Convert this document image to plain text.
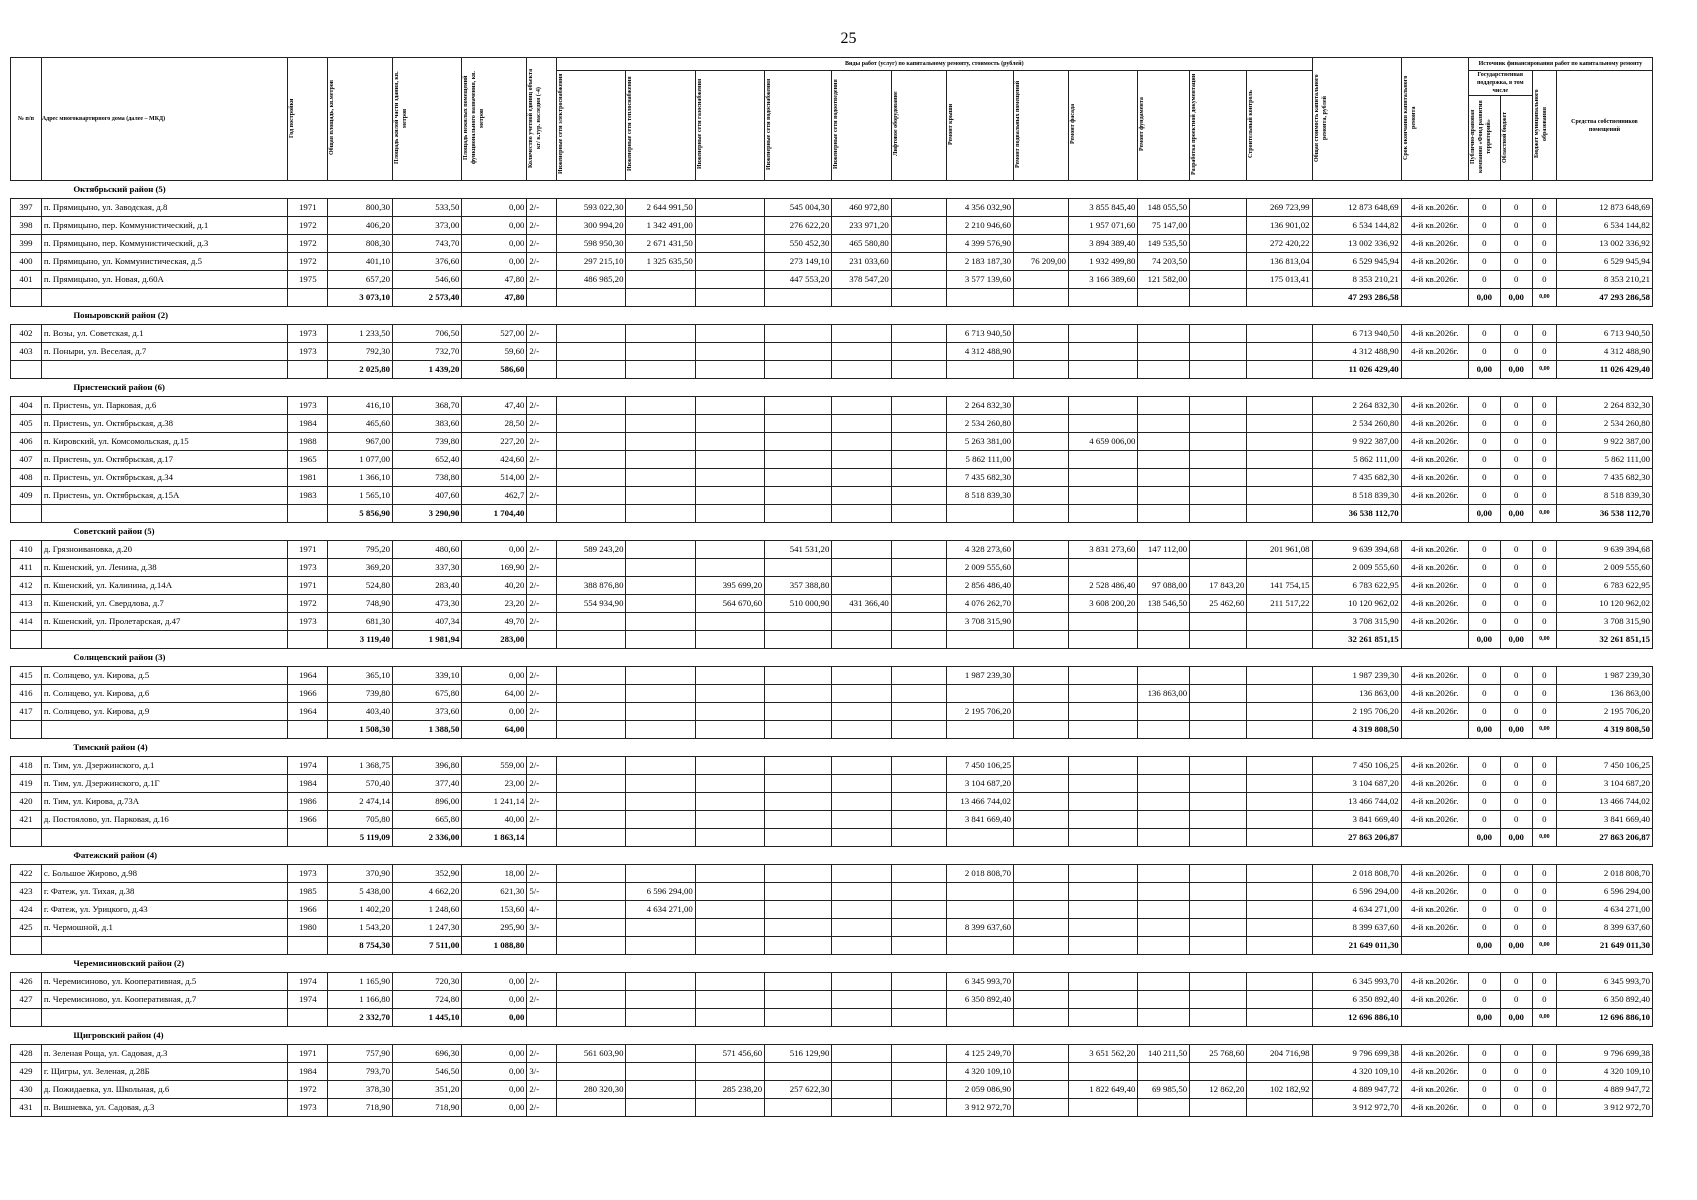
25
№ п/п	Адрес многоквартирного дома (далее – МКД)	Год постройки	Общая площадь, кв.метров	Площадь жилой части здания, кв. метров	Площадь нежилых помещений функционального назначения, кв. метров	Количество учетной единиц объекта кг/ к.тур. наследия (-4)	Виды работ (услуг) по капитальному ремонту, стоимость (рублей)												Общая стоимость капитального ремонта, рублей	Срок окончания капитального ремонта	Источник финансирования работ по капитальному ремонту			
							Инженерные сети электроснабжения	Инженерные сети теплоснабжения	Инженерные сети газоснабжения	Инженерные сети водоснабжения	Инженерные сети водоотведения	Лифтовое оборудование	Ремонт крыши	Ремонт подвальных помещений	Ремонт фасада	Ремонт фундамента	Разработка проектной документации	Строительный контроль			Государственная поддержка, в том числе		Бюджет муниципального образования	Средства собственников помещений
																					Публично-правовая компания «Фонд развития территорий»	Областной бюджет		
	Октябрьский район (5)																							
397	п. Прямицыно, ул. Заводская, д.8	1971	800,30	533,50	0,00	2/-	593 022,30	2 644 991,50		545 004,30	460 972,80		4 356 032,90		3 855 845,40	148 055,50		269 723,99	12 873 648,69	4-й кв.2026г.	0	0	0	12 873 648,69
398	п. Прямицыно, пер. Коммунистический, д.1	1972	406,20	373,00	0,00	2/-	300 994,20	1 342 491,00		276 622,20	233 971,20		2 210 946,60		1 957 071,60	75 147,00		136 901,02	6 534 144,82	4-й кв.2026г.	0	0	0	6 534 144,82
399	п. Прямицыно, пер. Коммунистический, д.3	1972	808,30	743,70	0,00	2/-	598 950,30	2 671 431,50		550 452,30	465 580,80		4 399 576,90		3 894 389,40	149 535,50		272 420,22	13 002 336,92	4-й кв.2026г.	0	0	0	13 002 336,92
400	п. Прямицыно, ул. Коммунистическая, д.5	1972	401,10	376,60	0,00	2/-	297 215,10	1 325 635,50		273 149,10	231 033,60		2 183 187,30	76 209,00	1 932 499,80	74 203,50		136 813,04	6 529 945,94	4-й кв.2026г.	0	0	0	6 529 945,94
401	п. Прямицыно, ул. Новая, д.60А	1975	657,20	546,60	47,80	2/-	486 985,20			447 553,20	378 547,20		3 577 139,60		3 166 389,60	121 582,00		175 013,41	8 353 210,21	4-й кв.2026г.	0	0	0	8 353 210,21
			3 073,10	2 573,40	47,80														47 293 286,58		0,00	0,00	0,00	47 293 286,58
	Поныровский район (2)																							
402	п. Возы, ул. Советская, д.1	1973	1 233,50	706,50	527,00	2/-							6 713 940,50						6 713 940,50	4-й кв.2026г.	0	0	0	6 713 940,50
403	п. Поныри, ул. Веселая, д.7	1973	792,30	732,70	59,60	2/-							4 312 488,90						4 312 488,90	4-й кв.2026г.	0	0	0	4 312 488,90
			2 025,80	1 439,20	586,60														11 026 429,40		0,00	0,00	0,00	11 026 429,40
	Пристенский район (6)																							
404	п. Пристень, ул. Парковая, д.6	1973	416,10	368,70	47,40	2/-							2 264 832,30						2 264 832,30	4-й кв.2026г.	0	0	0	2 264 832,30
405	п. Пристень, ул. Октябрьская, д.38	1984	465,60	383,60	28,50	2/-							2 534 260,80						2 534 260,80	4-й кв.2026г.	0	0	0	2 534 260,80
406	п. Кировский, ул. Комсомольская, д.15	1988	967,00	739,80	227,20	2/-							5 263 381,00		4 659 006,00				9 922 387,00	4-й кв.2026г.	0	0	0	9 922 387,00
407	п. Пристень, ул. Октябрьская, д.17	1965	1 077,00	652,40	424,60	2/-							5 862 111,00						5 862 111,00	4-й кв.2026г.	0	0	0	5 862 111,00
408	п. Пристень, ул. Октябрьская, д.34	1981	1 366,10	738,80	514,00	2/-							7 435 682,30						7 435 682,30	4-й кв.2026г.	0	0	0	7 435 682,30
409	п. Пристень, ул. Октябрьская, д.15А	1983	1 565,10	407,60	462,7	2/-							8 518 839,30						8 518 839,30	4-й кв.2026г.	0	0	0	8 518 839,30
			5 856,90	3 290,90	1 704,40														36 538 112,70		0,00	0,00	0,00	36 538 112,70
	Советский район (5)																							
410	д. Грязноивановка, д.20	1971	795,20	480,60	0,00	2/-	589 243,20			541 531,20			4 328 273,60		3 831 273,60	147 112,00		201 961,08	9 639 394,68	4-й кв.2026г.	0	0	0	9 639 394,68
411	п. Кшенский, ул. Ленина, д.38	1973	369,20	337,30	169,90	2/-							2 009 555,60						2 009 555,60	4-й кв.2026г.	0	0	0	2 009 555,60
412	п. Кшенский, ул. Калинина, д.14А	1971	524,80	283,40	40,20	2/-	388 876,80		395 699,20	357 388,80			2 856 486,40		2 528 486,40	97 088,00	17 843,20	141 754,15	6 783 622,95	4-й кв.2026г.	0	0	0	6 783 622,95
413	п. Кшенский, ул. Свердлова, д.7	1972	748,90	473,30	23,20	2/-	554 934,90		564 670,60	510 000,90	431 366,40		4 076 262,70		3 608 200,20	138 546,50	25 462,60	211 517,22	10 120 962,02	4-й кв.2026г.	0	0	0	10 120 962,02
414	п. Кшенский, ул. Пролетарская, д.47	1973	681,30	407,34	49,70	2/-							3 708 315,90						3 708 315,90	4-й кв.2026г.	0	0	0	3 708 315,90
			3 119,40	1 981,94	283,00														32 261 851,15		0,00	0,00	0,00	32 261 851,15
	Солнцевский район (3)																							
415	п. Солнцево, ул. Кирова, д.5	1964	365,10	339,10	0,00	2/-							1 987 239,30						1 987 239,30	4-й кв.2026г.	0	0	0	1 987 239,30
416	п. Солнцево, ул. Кирова, д.6	1966	739,80	675,80	64,00	2/-										136 863,00			136 863,00	4-й кв.2026г.	0	0	0	136 863,00
417	п. Солнцево, ул. Кирова, д.9	1964	403,40	373,60	0,00	2/-							2 195 706,20						2 195 706,20	4-й кв.2026г.	0	0	0	2 195 706,20
			1 508,30	1 388,50	64,00														4 319 808,50		0,00	0,00	0,00	4 319 808,50
	Тимский район (4)																							
418	п. Тим, ул. Дзержинского, д.1	1974	1 368,75	396,80	559,00	2/-							7 450 106,25						7 450 106,25	4-й кв.2026г.	0	0	0	7 450 106,25
419	п. Тим, ул. Дзержинского, д.1Г	1984	570,40	377,40	23,00	2/-							3 104 687,20						3 104 687,20	4-й кв.2026г.	0	0	0	3 104 687,20
420	п. Тим, ул. Кирова, д.73А	1986	2 474,14	896,00	1 241,14	2/-							13 466 744,02						13 466 744,02	4-й кв.2026г.	0	0	0	13 466 744,02
421	д. Постоялово, ул. Парковая, д.16	1966	705,80	665,80	40,00	2/-							3 841 669,40						3 841 669,40	4-й кв.2026г.	0	0	0	3 841 669,40
			5 119,09	2 336,00	1 863,14														27 863 206,87		0,00	0,00	0,00	27 863 206,87
	Фатежский район (4)																							
422	с. Большое Жирово, д.98	1973	370,90	352,90	18,00	2/-							2 018 808,70						2 018 808,70	4-й кв.2026г.	0	0	0	2 018 808,70
423	г. Фатеж, ул. Тихая, д.38	1985	5 438,00	4 662,20	621,30	5/-		6 596 294,00											6 596 294,00	4-й кв.2026г.	0	0	0	6 596 294,00
424	г. Фатеж, ул. Урицкого, д.43	1966	1 402,20	1 248,60	153,60	4/-		4 634 271,00											4 634 271,00	4-й кв.2026г.	0	0	0	4 634 271,00
425	п. Чермошной, д.1	1980	1 543,20	1 247,30	295,90	3/-							8 399 637,60						8 399 637,60	4-й кв.2026г.	0	0	0	8 399 637,60
			8 754,30	7 511,00	1 088,80														21 649 011,30		0,00	0,00	0,00	21 649 011,30
	Черемисиновский район (2)																							
426	п. Черемисиново, ул. Кооперативная, д.5	1974	1 165,90	720,30	0,00	2/-							6 345 993,70						6 345 993,70	4-й кв.2026г.	0	0	0	6 345 993,70
427	п. Черемисиново, ул. Кооперативная, д.7	1974	1 166,80	724,80	0,00	2/-							6 350 892,40						6 350 892,40	4-й кв.2026г.	0	0	0	6 350 892,40
			2 332,70	1 445,10	0,00														12 696 886,10		0,00	0,00	0,00	12 696 886,10
	Щигровский район (4)																							
428	п. Зеленая Роща, ул. Садовая, д.3	1971	757,90	696,30	0,00	2/-	561 603,90		571 456,60	516 129,90			4 125 249,70		3 651 562,20	140 211,50	25 768,60	204 716,98	9 796 699,38	4-й кв.2026г.	0	0	0	9 796 699,38
429	г. Щигры, ул. Зеленая, д.28Б	1984	793,70	546,50	0,00	3/-							4 320 109,10						4 320 109,10	4-й кв.2026г.	0	0	0	4 320 109,10
430	д. Пожидаевка, ул. Школьная, д.6	1972	378,30	351,20	0,00	2/-	280 320,30		285 238,20	257 622,30			2 059 086,90		1 822 649,40	69 985,50	12 862,20	102 182,92	4 889 947,72	4-й кв.2026г.	0	0	0	4 889 947,72
431	п. Вишневка, ул. Садовая, д.3	1973	718,90	718,90	0,00	2/-							3 912 972,70						3 912 972,70	4-й кв.2026г.	0	0	0	3 912 972,70
